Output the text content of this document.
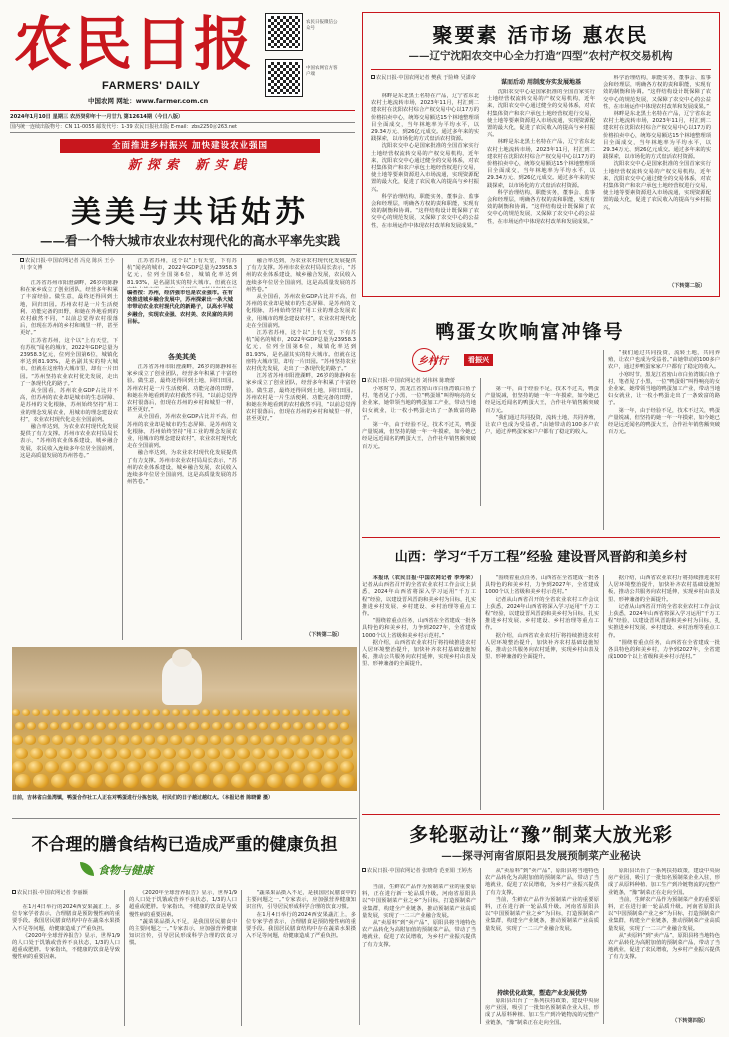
农民日报
FARMERS' DAILY
中国农网 网址：www.farmer.com.cn
农民日报微信公众号
中国农网官方客户端
2024年1月10日 星期三 农历癸卯年十一月廿九 第12614期（今日八版）
国内统一连续出版物号：CN 11-0055 邮发代号：1-39 农民日报社出版 E-mail：zbs2250＠263.net
全面推进乡村振兴 加快建设农业强国
新探索 新实践
美美与共话姑苏
——看一个特大城市农业农村现代化的高水平率先实践
农民日报·中国农网记者 冯克 陈兵 王小川 李文博

江苏省苏州市阳澄湖畔，26岁的陈静和在家乡成立了创业团队，经营多年积累了丰富经验。做生意，最终还得回到土地，回归田园。苏州农村是一片生活便利、功能完备的田野，和她在外地看到的农村截然不同，“以前总觉得农村很落后，但现在苏州的乡村和城里一样，甚至更好。”

江苏省苏州，这个以“上有天堂，下有苏杭”闻名的城市，2022年GDP总量为23958.3亿元，位列全国第6位，城镇化率达到81.93%，是名副其实的特大城市。但就在这座特大城市里，却有一片田园。“苏州坚持农业农村优先发展，走出了一条现代化的路子。”

从全国看，苏州农业GDP占比并不高，但苏州的农业却是城市的生态屏障、是苏州的文化根脉，苏州始终坚持“用工业的理念发展农业，用城市的理念建设农村”，农业农村现代化走在全国前列。

融合率达到，为农业农村现代化发展提供了有力支撑。苏州市农业农村局局长表示，“苏州的农业体系建设，城乡融合发展，农民收入连续多年位居全国前列，这是高质量发展的苏州答卷。”

江苏省苏州，这个以“上有天堂，下有苏杭”闻名的城市，2022年GDP总量为23958.3亿元，位列全国第6位，城镇化率达到81.93%，是名副其实的特大城市。但就在这

编者按：苏州，经济强市也是农业强市。在有效推进城乡融合发展中，苏州探索出一条大城市带动农业农村现代化的新路子，以高水平城乡融合，实现农业强、农村美、农民富的共同目标。
各美其美

江苏省苏州市阳澄湖畔，26岁的陈静和在家乡成立了创业团队，经营多年积累了丰富经验。做生意，最终还得回到土地，回归田园。苏州农村是一片生活便利、功能完备的田野，和她在外地看到的农村截然不同，“以前总觉得农村很落后，但现在苏州的乡村和城里一样，甚至更好。”

从全国看，苏州农业GDP占比并不高，但苏州的农业却是城市的生态屏障、是苏州的文化根脉，苏州始终坚持“用工业的理念发展农业，用城市的理念建设农村”，农业农村现代化走在全国前列。

融合率达到，为农业农村现代化发展提供了有力支撑。苏州市农业农村局局长表示，“苏州的农业体系建设，城乡融合发展，农民收入连续多年位居全国前列，这是高质量发展的苏州答卷。”

融合率达到，为农业农村现代化发展提供了有力支撑。苏州市农业农村局局长表示，“苏州的农业体系建设，城乡融合发展，农民收入连续多年位居全国前列，这是高质量发展的苏州答卷。”

从全国看，苏州农业GDP占比并不高，但苏州的农业却是城市的生态屏障、是苏州的文化根脉，苏州始终坚持“用工业的理念发展农业，用城市的理念建设农村”，农业农村现代化走在全国前列。

江苏省苏州，这个以“上有天堂，下有苏杭”闻名的城市，2022年GDP总量为23958.3亿元，位列全国第6位，城镇化率达到81.93%，是名副其实的特大城市。但就在这座特大城市里，却有一片田园。“苏州坚持农业农村优先发展，走出了一条现代化的路子。”

江苏省苏州市阳澄湖畔，26岁的陈静和在家乡成立了创业团队，经营多年积累了丰富经验。做生意，最终还得回到土地，回归田园。苏州农村是一片生活便利、功能完备的田野，和她在外地看到的农村截然不同，“以前总觉得农村很落后，但现在苏州的乡村和城里一样，甚至更好。”

（下转第二版）
聚要素 活市场 惠农民
——辽宁沈阳农交中心全力打造“四型”农村产权交易机构
农民日报·中国农网记者 樊荻 于险峰 吴潇帝

林畔是东北黑土名特在产品，辽宁省东北农村土地流转市场，2023年11月，村汇到二建农村在沈阳农村综合产权交易中心以17万的价格拍卖中心，统筹交易额达15个林地整理项目全面成交，当年林地率为平均水平，以29.34万元、到26亿元成交。通过多年来的实践探索，以市场化的方式盘活农村资源。

沈阳农交中心是国家批准的全国首家实行土地经营权流转交易的产权交易机构，近年来，沈阳农交中心通过健全的交易体系，对农村集体资产和农户承包土地经营权进行交易，使土地等要素资源进入市场流通，实现资源配置的最大化，促进了农民收入的提高与乡村振兴。

科学治理结构，职能实务，董事会、监事会和经理层，明确各方权的责和职能，实现有效的制衡和协调。“这样结构设计既保障了农交中心的规范发展，又保障了农交中心的公益性，在市场运作中体现农村改革和发展成果。”

谋而后动 用制度夯实发展地基

沈阳农交中心是国家批准的全国首家实行土地经营权流转交易的产权交易机构，近年来，沈阳农交中心通过健全的交易体系，对农村集体资产和农户承包土地经营权进行交易，使土地等要素资源进入市场流通，实现资源配置的最大化，促进了农民收入的提高与乡村振兴。

林畔是东北黑土名特在产品，辽宁省东北农村土地流转市场，2023年11月，村汇到二建农村在沈阳农村综合产权交易中心以17万的价格拍卖中心，统筹交易额达15个林地整理项目全面成交，当年林地率为平均水平，以29.34万元、到26亿元成交。通过多年来的实践探索，以市场化的方式盘活农村资源。

科学治理结构，职能实务，董事会、监事会和经理层，明确各方权的责和职能，实现有效的制衡和协调。“这样结构设计既保障了农交中心的规范发展，又保障了农交中心的公益性，在市场运作中体现农村改革和发展成果。”

科学治理结构，职能实务，董事会、监事会和经理层，明确各方权的责和职能，实现有效的制衡和协调。“这样结构设计既保障了农交中心的规范发展，又保障了农交中心的公益性，在市场运作中体现农村改革和发展成果。”

林畔是东北黑土名特在产品，辽宁省东北农村土地流转市场，2023年11月，村汇到二建农村在沈阳农村综合产权交易中心以17万的价格拍卖中心，统筹交易额达15个林地整理项目全面成交，当年林地率为平均水平，以29.34万元、到26亿元成交。通过多年来的实践探索，以市场化的方式盘活农村资源。

沈阳农交中心是国家批准的全国首家实行土地经营权流转交易的产权交易机构，近年来，沈阳农交中心通过健全的交易体系，对农村集体资产和农户承包土地经营权进行交易，使土地等要素资源进入市场流通，实现资源配置的最大化，促进了农民收入的提高与乡村振兴。

（下转第二版）
鸭蛋女吹响富冲锋号
乡村行	看振兴
农民日报·中国农网记者 刘伟林 陈晓蕾

小寒时节，黑龙江省密山市白鱼湾镇白鱼子村，笔者见了小黑，一位“鸭蛋姐”叫得响亮的女企业家，她带领当地的鸭蛋加工产业，带动当地妇女就业，让一枚小鸭蛋走出了一条致富的路子。

第一年，由于经验不足，技术不过关，鸭蛋产量锐减，但坚持的她一年一年摸索，如今她已经是远近闻名的鸭蛋大王，合作社年销售额突破百万元。

第一年，由于经验不足，技术不过关，鸭蛋产量锐减，但坚持的她一年一年摸索，如今她已经是远近闻名的鸭蛋大王，合作社年销售额突破百万元。

“我们通过共同投资，流转土地，共同养殖，让农户也成为受益者。”由她带动的100多户农户，通过养鸭蛋家家户户都有了稳定的收入。

“我们通过共同投资，流转土地，共同养殖，让农户也成为受益者。”由她带动的100多户农户，通过养鸭蛋家家户户都有了稳定的收入。

小寒时节，黑龙江省密山市白鱼湾镇白鱼子村，笔者见了小黑，一位“鸭蛋姐”叫得响亮的女企业家，她带领当地的鸭蛋加工产业，带动当地妇女就业，让一枚小鸭蛋走出了一条致富的路子。

第一年，由于经验不足，技术不过关，鸭蛋产量锐减，但坚持的她一年一年摸索，如今她已经是远近闻名的鸭蛋大王，合作社年销售额突破百万元。

日前，吉林省白鱼湾镇，鸭蛋合作社工人正在对鸭蛋进行分拣包装，村民们的日子越过越红火。（本报记者 陈晓蕾 摄）
山西：学习“千万工程”经验 建设晋风晋韵和美乡村

本报讯（农民日报·中国农网记者 李寿荣）记者从山西省召开的全省农业农村工作会议上获悉，2024年山西省将深入学习运用“千万工程”经验，以建设晋风晋韵和美乡村为目标，扎实推进乡村发展、乡村建设、乡村治理等重点工作。

“围绕着重点任务，山西省在全省建成一批各具特色的和美乡村，力争到2027年，全省建成1000个以上省级和美乡村示范村。”

据介绍，山西省农业农村厅将持续推进农村人居环境整治提升，加快补齐农村基础设施短板，推动公共服务向农村延伸，实现乡村由表及里、形神兼备的全面提升。

“围绕着重点任务，山西省在全省建成一批各具特色的和美乡村，力争到2027年，全省建成1000个以上省级和美乡村示范村。”

记者从山西省召开的全省农业农村工作会议上获悉，2024年山西省将深入学习运用“千万工程”经验，以建设晋风晋韵和美乡村为目标，扎实推进乡村发展、乡村建设、乡村治理等重点工作。

据介绍，山西省农业农村厅将持续推进农村人居环境整治提升，加快补齐农村基础设施短板，推动公共服务向农村延伸，实现乡村由表及里、形神兼备的全面提升。

据介绍，山西省农业农村厅将持续推进农村人居环境整治提升，加快补齐农村基础设施短板，推动公共服务向农村延伸，实现乡村由表及里、形神兼备的全面提升。

记者从山西省召开的全省农业农村工作会议上获悉，2024年山西省将深入学习运用“千万工程”经验，以建设晋风晋韵和美乡村为目标，扎实推进乡村发展、乡村建设、乡村治理等重点工作。

“围绕着重点任务，山西省在全省建成一批各具特色的和美乡村，力争到2027年，全省建成1000个以上省级和美乡村示范村。”

多轮驱动让“豫”制菜大放光彩
——探寻河南省原阳县发展预制菜产业秘诀
农民日报·中国农网记者 张晓奇 范亚娟 王婷杰

当前，生鲜农产品作为预制菜产业的重要原料，正在进行新一轮品质升级。河南省原阳县以“中国预制菜产业之乡”为目标，打造预制菜产业集群，构建全产业链条，推动预制菜产业高质量发展，实现了一二三产业融合发展。

从“卖原料”到“卖产品”，原阳县将当地特色农产品转化为高附加值的预制菜产品，带动了当地就业，促进了农民增收，为乡村产业振兴提供了有力支撑。

从“卖原料”到“卖产品”，原阳县将当地特色农产品转化为高附加值的预制菜产品，带动了当地就业，促进了农民增收，为乡村产业振兴提供了有力支撑。

当前，生鲜农产品作为预制菜产业的重要原料，正在进行新一轮品质升级。河南省原阳县以“中国预制菜产业之乡”为目标，打造预制菜产业集群，构建全产业链条，推动预制菜产业高质量发展，实现了一二三产业融合发展。

持续优化政策，塑造产业发展优势

原阳县出台了一系列扶持政策，建设中央厨房产业园，吸引了一批知名预制菜企业入驻，形成了从原料种植、加工生产到冷链物流的完整产业链条，“豫”制菜正在走向全国。

原阳县出台了一系列扶持政策，建设中央厨房产业园，吸引了一批知名预制菜企业入驻，形成了从原料种植、加工生产到冷链物流的完整产业链条，“豫”制菜正在走向全国。

当前，生鲜农产品作为预制菜产业的重要原料，正在进行新一轮品质升级。河南省原阳县以“中国预制菜产业之乡”为目标，打造预制菜产业集群，构建全产业链条，推动预制菜产业高质量发展，实现了一二三产业融合发展。

从“卖原料”到“卖产品”，原阳县将当地特色农产品转化为高附加值的预制菜产品，带动了当地就业，促进了农民增收，为乡村产业振兴提供了有力支撑。

（下转第四版）
不合理的膳食结构已造成严重的健康负担
食物与健康
农民日报·中国农网记者 李丽颖

在1月4日举行的2024西安果蔬汇上，多位专家学者表示，合理膳食是预防慢性病的重要手段。我国居民膳食结构中存在蔬菜水果摄入不足等问题，给健康造成了严重负担。

《2020年全球营养报告》显示，世界1/9的人口处于饥饿或营养不良状态，1/3的人口超重或肥胖。专家指出，不健康的饮食是导致慢性病的重要因素。

《2020年全球营养报告》显示，世界1/9的人口处于饥饿或营养不良状态，1/3的人口超重或肥胖。专家指出，不健康的饮食是导致慢性病的重要因素。

“蔬菜果品摄入不足，是我国居民膳食中的主要问题之一。”专家表示，应加强营养健康知识宣传，引导居民形成科学合理的饮食习惯。

“蔬菜果品摄入不足，是我国居民膳食中的主要问题之一。”专家表示，应加强营养健康知识宣传，引导居民形成科学合理的饮食习惯。

在1月4日举行的2024西安果蔬汇上，多位专家学者表示，合理膳食是预防慢性病的重要手段。我国居民膳食结构中存在蔬菜水果摄入不足等问题，给健康造成了严重负担。
